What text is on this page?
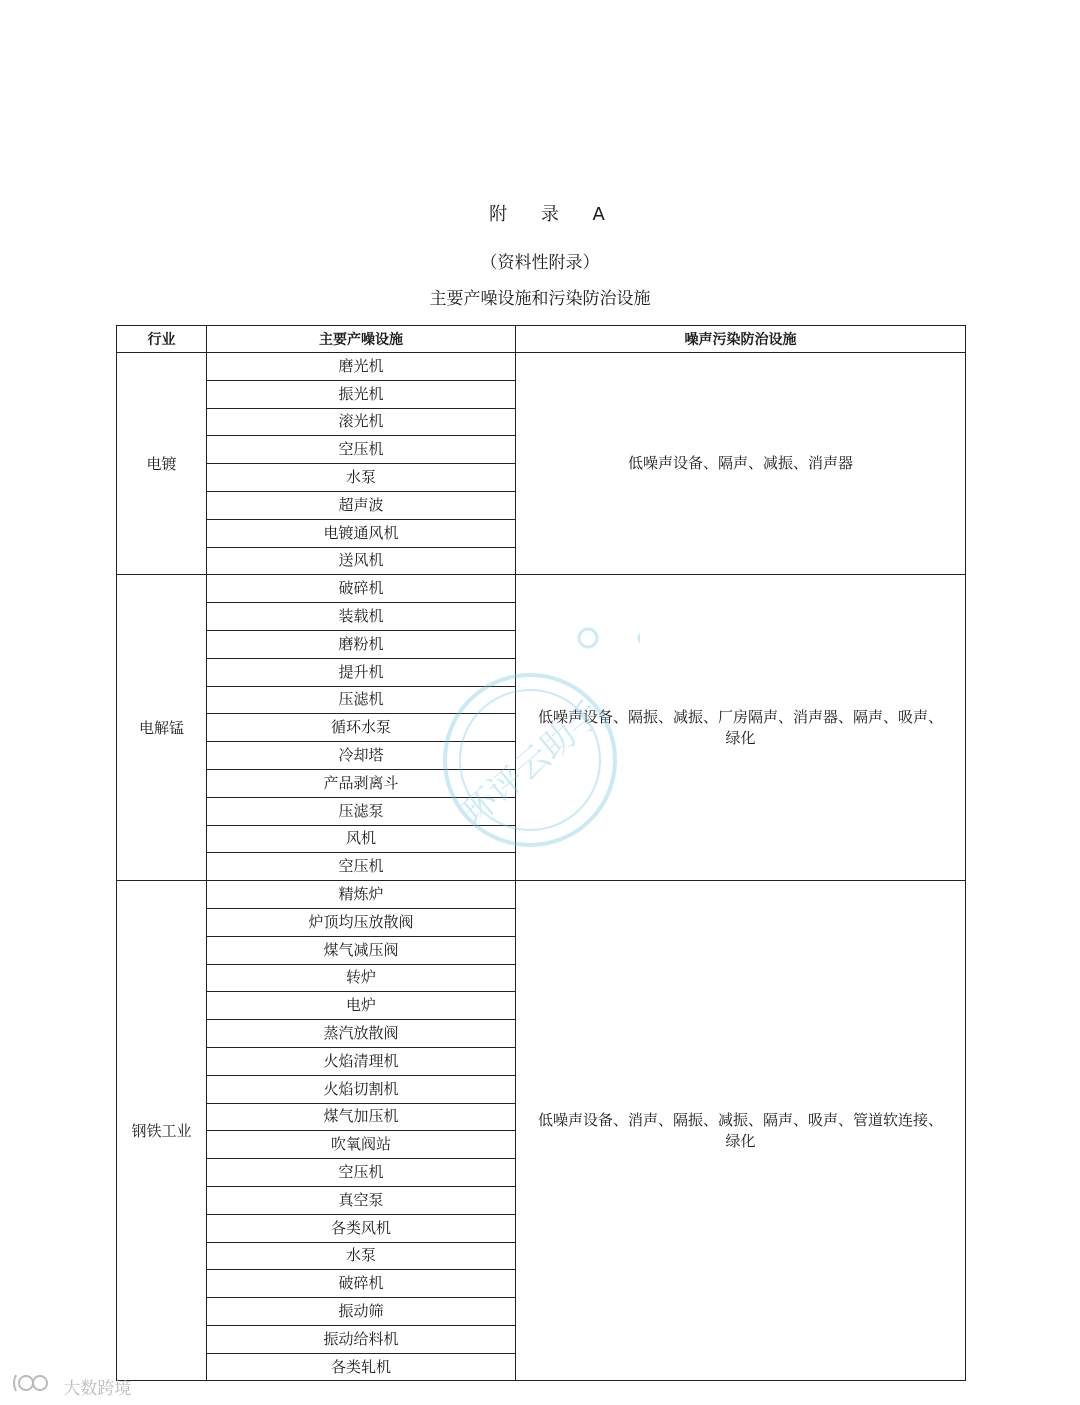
附 录 A
（资料性附录）
主要产噪设施和污染防治设施
行业	主要产噪设施	噪声污染防治设施
电镀	磨光机	低噪声设备、隔声、减振、消声器
	振光机	
	滚光机	
	空压机	
	水泵	
	超声波	
	电镀通风机	
	送风机	
电解锰	破碎机	低噪声设备、隔振、减振、厂房隔声、消声器、隔声、吸声、绿化
	装载机	
	磨粉机	
	提升机	
	压滤机	
	循环水泵	
	冷却塔	
	产品剥离斗	
	压滤泵	
	风机	
	空压机	
钢铁工业	精炼炉	低噪声设备、消声、隔振、减振、隔声、吸声、管道软连接、绿化
	炉顶均压放散阀	
	煤气减压阀	
	转炉	
	电炉	
	蒸汽放散阀	
	火焰清理机	
	火焰切割机	
	煤气加压机	
	吹氧阀站	
	空压机	
	真空泵	
	各类风机	
	水泵	
	破碎机	
	振动筛	
	振动给料机	
	各类轧机	
环评云助手
大数跨境
